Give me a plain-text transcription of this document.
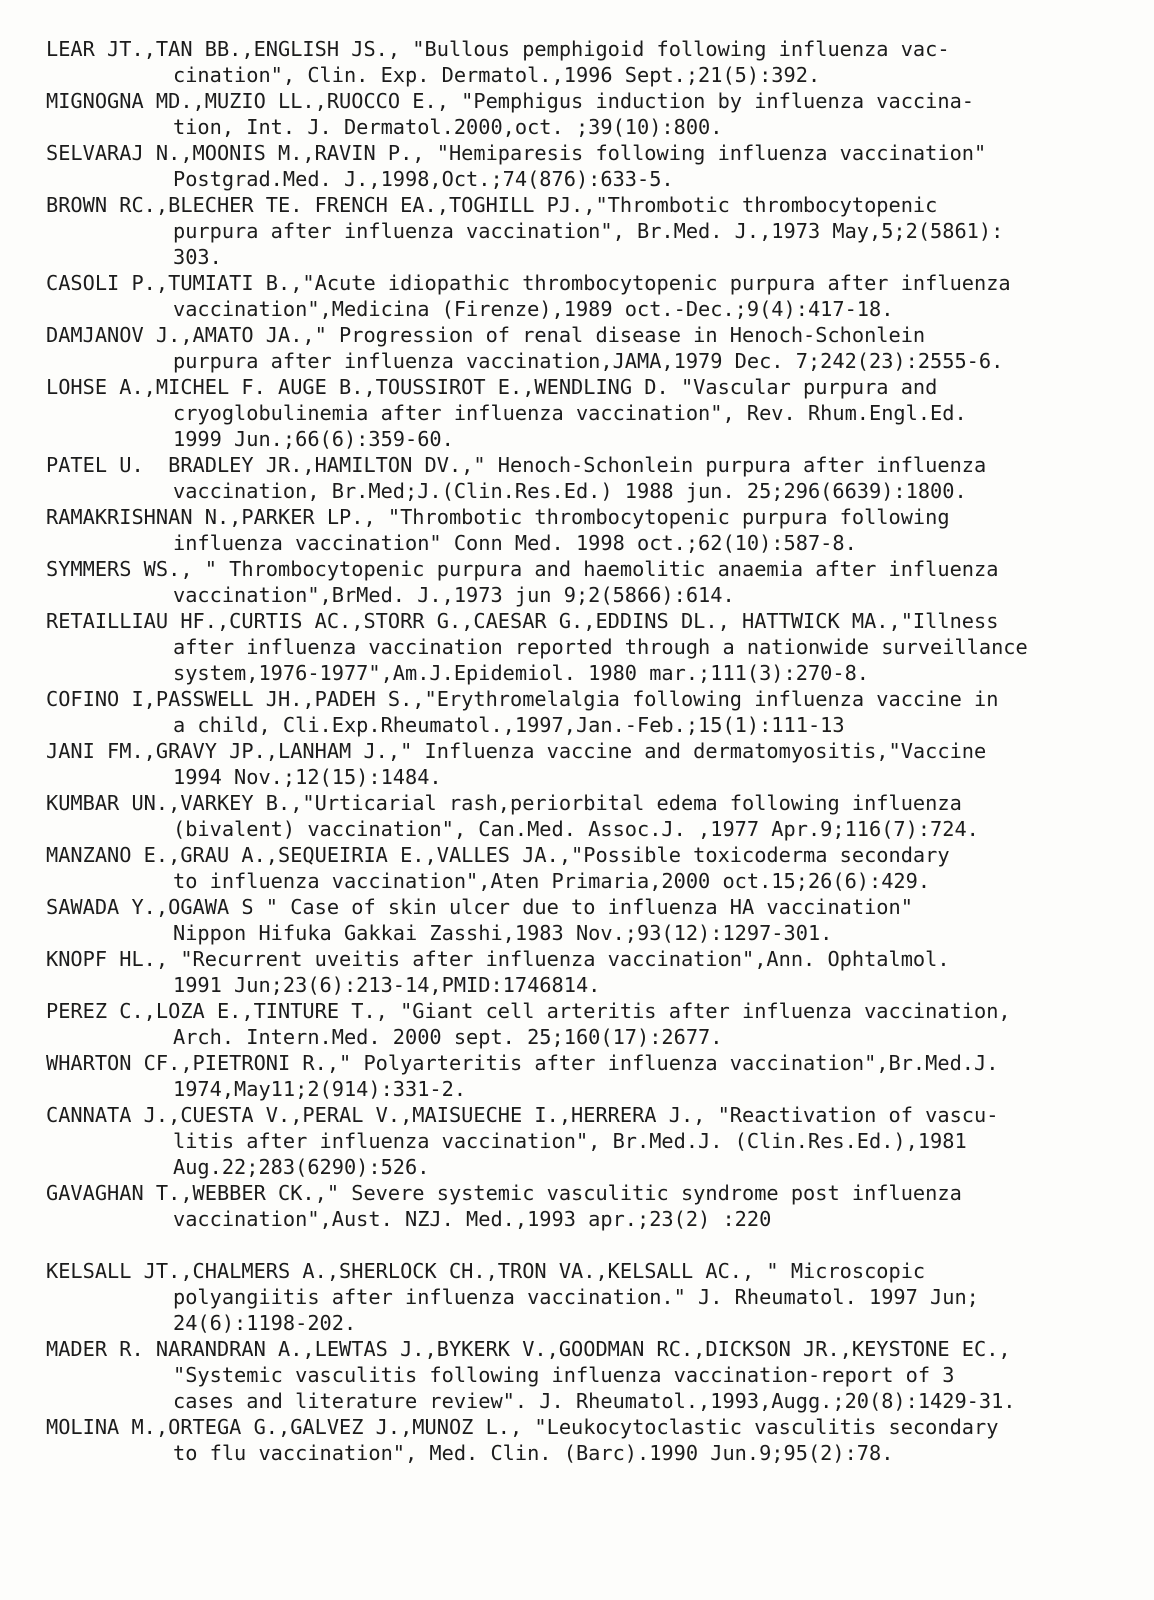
LEAR JT.,TAN BB.,ENGLISH JS., "Bullous pemphigoid following influenza vac-

cination", Clin. Exp. Dermatol.,1996 Sept.;21(5):392.

MIGNOGNA MD.,MUZIO LL.,RUOCCO E., "Pemphigus induction by influenza vaccina-

tion, Int. J. Dermatol.2000,oct. ;39(10):800.

SELVARAJ N.,MOONIS M.,RAVIN P., "Hemiparesis following influenza vaccination"

Postgrad.Med. J.,1998,Oct.;74(876):633-5.

BROWN RC.,BLECHER TE. FRENCH EA.,TOGHILL PJ.,"Thrombotic thrombocytopenic

purpura after influenza vaccination", Br.Med. J.,1973 May,5;2(5861):

303.

CASOLI P.,TUMIATI B.,"Acute idiopathic thrombocytopenic purpura after influenza

vaccination",Medicina (Firenze),1989 oct.-Dec.;9(4):417-18.

DAMJANOV J.,AMATO JA.," Progression of renal disease in Henoch-Schonlein

purpura after influenza vaccination,JAMA,1979 Dec. 7;242(23):2555-6.

LOHSE A.,MICHEL F. AUGE B.,TOUSSIROT E.,WENDLING D. "Vascular purpura and

cryoglobulinemia after influenza vaccination", Rev. Rhum.Engl.Ed.

1999 Jun.;66(6):359-60.

PATEL U.  BRADLEY JR.,HAMILTON DV.," Henoch-Schonlein purpura after influenza

vaccination, Br.Med;J.(Clin.Res.Ed.) 1988 jun. 25;296(6639):1800.

RAMAKRISHNAN N.,PARKER LP., "Thrombotic thrombocytopenic purpura following

influenza vaccination" Conn Med. 1998 oct.;62(10):587-8.

SYMMERS WS., " Thrombocytopenic purpura and haemolitic anaemia after influenza

vaccination",BrMed. J.,1973 jun 9;2(5866):614.

RETAILLIAU HF.,CURTIS AC.,STORR G.,CAESAR G.,EDDINS DL., HATTWICK MA.,"Illness

after influenza vaccination reported through a nationwide surveillance

system,1976-1977",Am.J.Epidemiol. 1980 mar.;111(3):270-8.

COFINO I,PASSWELL JH.,PADEH S.,"Erythromelalgia following influenza vaccine in

a child, Cli.Exp.Rheumatol.,1997,Jan.-Feb.;15(1):111-13

JANI FM.,GRAVY JP.,LANHAM J.," Influenza vaccine and dermatomyositis,"Vaccine

1994 Nov.;12(15):1484.

KUMBAR UN.,VARKEY B.,"Urticarial rash,periorbital edema following influenza

(bivalent) vaccination", Can.Med. Assoc.J. ,1977 Apr.9;116(7):724.

MANZANO E.,GRAU A.,SEQUEIRIA E.,VALLES JA.,"Possible toxicoderma secondary

to influenza vaccination",Aten Primaria,2000 oct.15;26(6):429.

SAWADA Y.,OGAWA S " Case of skin ulcer due to influenza HA vaccination"

Nippon Hifuka Gakkai Zasshi,1983 Nov.;93(12):1297-301.

KNOPF HL., "Recurrent uveitis after influenza vaccination",Ann. Ophtalmol.

1991 Jun;23(6):213-14,PMID:1746814.

PEREZ C.,LOZA E.,TINTURE T., "Giant cell arteritis after influenza vaccination,

Arch. Intern.Med. 2000 sept. 25;160(17):2677.

WHARTON CF.,PIETRONI R.," Polyarteritis after influenza vaccination",Br.Med.J.

1974,May11;2(914):331-2.

CANNATA J.,CUESTA V.,PERAL V.,MAISUECHE I.,HERRERA J., "Reactivation of vascu-

litis after influenza vaccination", Br.Med.J. (Clin.Res.Ed.),1981

Aug.22;283(6290):526.

GAVAGHAN T.,WEBBER CK.," Severe systemic vasculitic syndrome post influenza

vaccination",Aust. NZJ. Med.,1993 apr.;23(2) :220

KELSALL JT.,CHALMERS A.,SHERLOCK CH.,TRON VA.,KELSALL AC., " Microscopic

polyangiitis after influenza vaccination." J. Rheumatol. 1997 Jun;

24(6):1198-202.

MADER R. NARANDRAN A.,LEWTAS J.,BYKERK V.,GOODMAN RC.,DICKSON JR.,KEYSTONE EC.,

"Systemic vasculitis following influenza vaccination-report of 3

cases and literature review". J. Rheumatol.,1993,Augg.;20(8):1429-31.

MOLINA M.,ORTEGA G.,GALVEZ J.,MUNOZ L., "Leukocytoclastic vasculitis secondary

to flu vaccination", Med. Clin. (Barc).1990 Jun.9;95(2):78.
